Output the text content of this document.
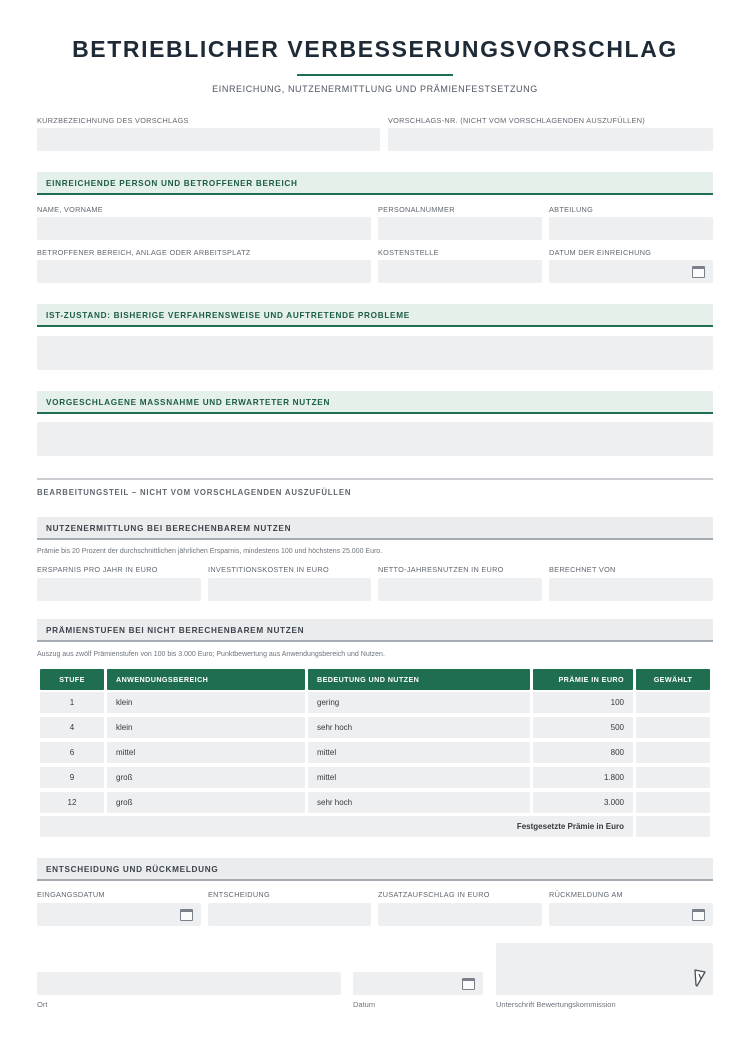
BETRIEBLICHER VERBESSERUNGSVORSCHLAG
EINREICHUNG, NUTZENERMITTLUNG UND PRÄMIENFESTSETZUNG
KURZBEZEICHNUNG DES VORSCHLAGS	VORSCHLAGS-NR. (NICHT VOM VORSCHLAGENDEN AUSZUFÜLLEN)
EINREICHENDE PERSON UND BETROFFENER BEREICH
NAME, VORNAME	PERSONALNUMMER	ABTEILUNG
BETROFFENER BEREICH, ANLAGE ODER ARBEITSPLATZ	KOSTENSTELLE	DATUM DER EINREICHUNG
IST-ZUSTAND: BISHERIGE VERFAHRENSWEISE UND AUFTRETENDE PROBLEME
VORGESCHLAGENE MASSNAHME UND ERWARTETER NUTZEN
BEARBEITUNGSTEIL – NICHT VOM VORSCHLAGENDEN AUSZUFÜLLEN
NUTZENERMITTLUNG BEI BERECHENBAREM NUTZEN
Prämie bis 20 Prozent der durchschnittlichen jährlichen Ersparnis, mindestens 100 und höchstens 25.000 Euro.
ERSPARNIS PRO JAHR IN EURO	INVESTITIONSKOSTEN IN EURO	NETTO-JAHRESNUTZEN IN EURO	BERECHNET VON
PRÄMIENSTUFEN BEI NICHT BERECHENBAREM NUTZEN
Auszug aus zwölf Prämienstufen von 100 bis 3.000 Euro; Punktbewertung aus Anwendungsbereich und Nutzen.
STUFE	ANWENDUNGSBEREICH	BEDEUTUNG UND NUTZEN	PRÄMIE IN EURO	GEWÄHLT
1	klein	gering	100
4	klein	sehr hoch	500
6	mittel	mittel	800
9	groß	mittel	1.800
12	groß	sehr hoch	3.000
Festgesetzte Prämie in Euro
ENTSCHEIDUNG UND RÜCKMELDUNG
EINGANGSDATUM	ENTSCHEIDUNG	ZUSATZAUFSCHLAG IN EURO	RÜCKMELDUNG AM
Ort	Datum	Unterschrift Bewertungskommission
